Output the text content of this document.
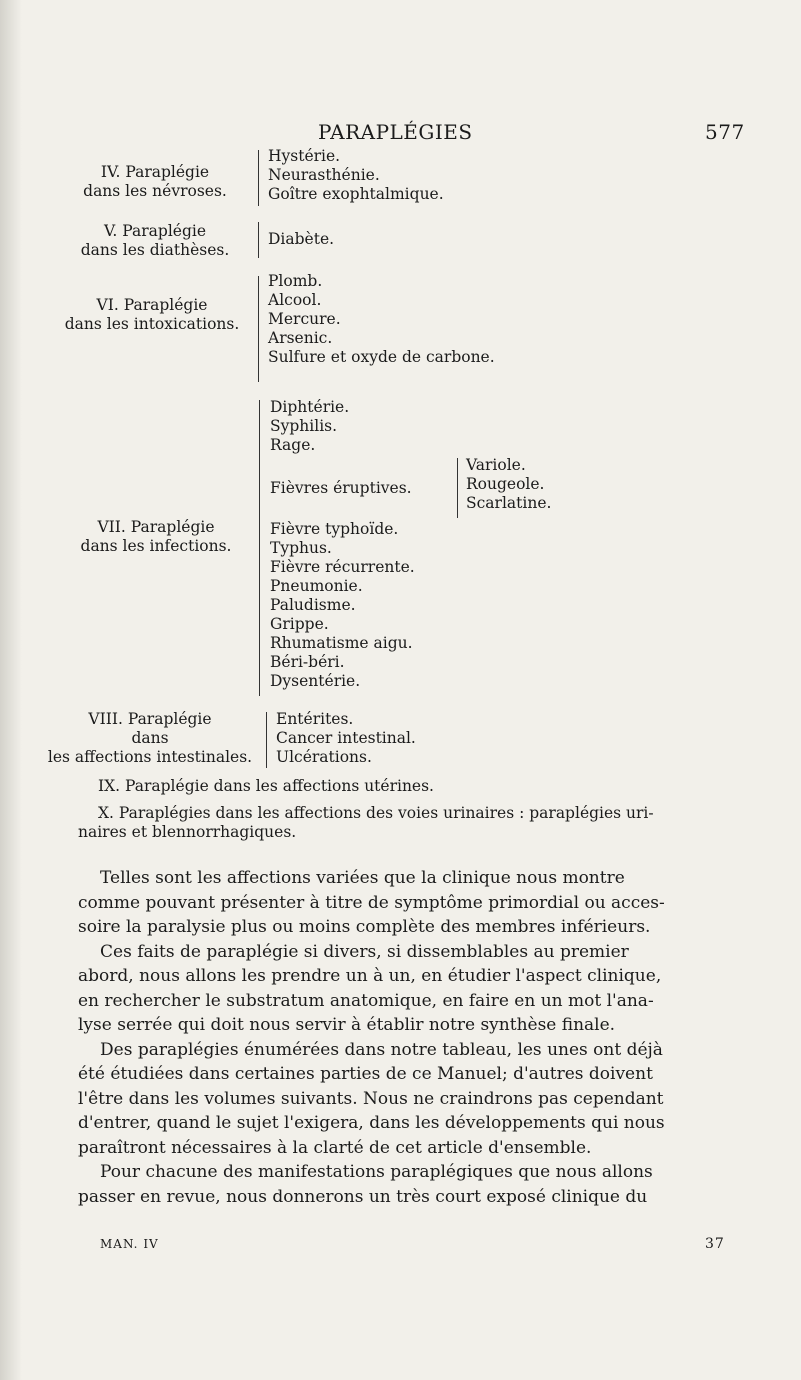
PARAPLÉGIES	577
IV. Paraplégie
dans les névroses.
Hystérie.
Neurasthénie.
Goître exophtalmique.
V. Paraplégie
dans les diathèses.
Diabète.
VI. Paraplégie
dans les intoxications.
Plomb.
Alcool.
Mercure.
Arsenic.
Sulfure et oxyde de carbone.
VII. Paraplégie
dans les infections.
Diphtérie.
Syphilis.
Rage.
Fièvres éruptives.
Variole.
Rougeole.
Scarlatine.
Fièvre typhoïde.
Typhus.
Fièvre récurrente.
Pneumonie.
Paludisme.
Grippe.
Rhumatisme aigu.
Béri-béri.
Dysentérie.
VIII. Paraplégie
dans
les affections intestinales.
Entérites.
Cancer intestinal.
Ulcérations.
IX. Paraplégie dans les affections utérines.
X. Paraplégies dans les affections des voies urinaires : paraplégies uri-
naires et blennorrhagiques.
Telles sont les affections variées que la clinique nous montre
comme pouvant présenter à titre de symptôme primordial ou acces-
soire la paralysie plus ou moins complète des membres inférieurs.
Ces faits de paraplégie si divers, si dissemblables au premier
abord, nous allons les prendre un à un, en étudier l'aspect clinique,
en rechercher le substratum anatomique, en faire en un mot l'ana-
lyse serrée qui doit nous servir à établir notre synthèse finale.
Des paraplégies énumérées dans notre tableau, les unes ont déjà
été étudiées dans certaines parties de ce Manuel; d'autres doivent
l'être dans les volumes suivants. Nous ne craindrons pas cependant
d'entrer, quand le sujet l'exigera, dans les développements qui nous
paraîtront nécessaires à la clarté de cet article d'ensemble.
Pour chacune des manifestations paraplégiques que nous allons
passer en revue, nous donnerons un très court exposé clinique du
MAN. IV	37
